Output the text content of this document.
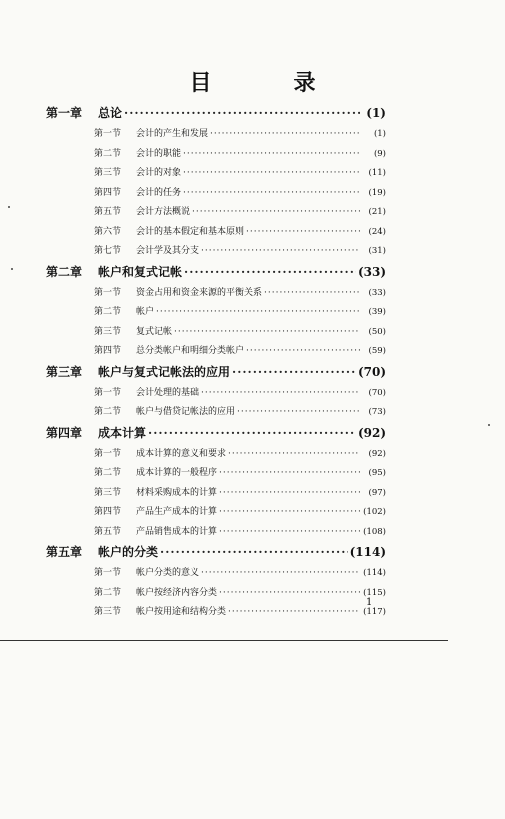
目　录
第一章	总论 ·····	(1)
第一节	会计的产生和发展 ·····	(1)
第二节	会计的职能 ·····	(9)
第三节	会计的对象 ·····	(11)
第四节	会计的任务 ·····	(19)
第五节	会计方法概说 ·····	(21)
第六节	会计的基本假定和基本原则 ·····	(24)
第七节	会计学及其分支 ·····	(31)
第二章	帐户和复式记帐 ·····	(33)
第一节	资金占用和资金来源的平衡关系 ·····	(33)
第二节	帐户 ·····	(39)
第三节	复式记帐 ·····	(50)
第四节	总分类帐户和明细分类帐户 ·····	(59)
第三章	帐户与复式记帐法的应用 ·····	(70)
第一节	会计处理的基础 ·····	(70)
第二节	帐户与借贷记帐法的应用 ·····	(73)
第四章	成本计算 ·····	(92)
第一节	成本计算的意义和要求 ·····	(92)
第二节	成本计算的一般程序 ·····	(95)
第三节	材料采购成本的计算 ·····	(97)
第四节	产品生产成本的计算 ·····	(102)
第五节	产品销售成本的计算 ·····	(108)
第五章	帐户的分类 ·····	(114)
第一节	帐户分类的意义 ·····	(114)
第二节	帐户按经济内容分类 ·····	(115)
第三节	帐户按用途和结构分类 ·····	(117)
1
